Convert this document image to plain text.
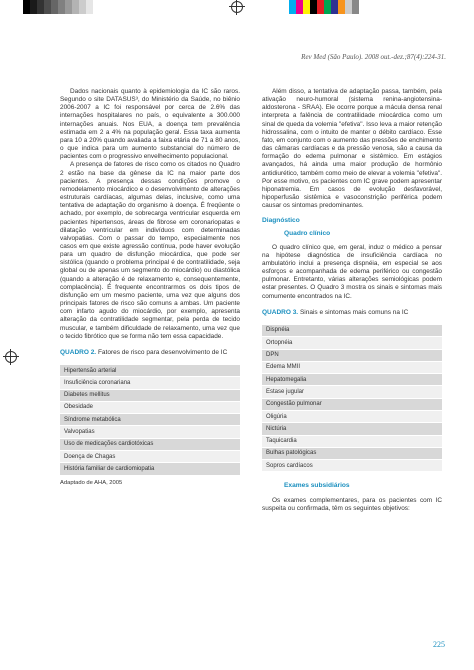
Rev Med (São Paulo). 2008 out.-dez.;87(4):224-31.

Dados nacionais quanto à epidemiologia da IC são raros. Segundo o site DATASUS³, do Ministério da Saúde, no biênio 2006-2007 a IC foi responsável por cerca de 2.6% das internações hospitalares no país, o equivalente a 300.000 internações anuais. Nos EUA, a doença tem prevalência estimada em 2 a 4% na população geral. Essa taxa aumenta para 10 a 20% quando avaliada a faixa etária de 71 a 80 anos, o que indica para um aumento substancial do número de pacientes com o progressivo envelhecimento populacional.

A presença de fatores de risco como os citados no Quadro 2 estão na base da gênese da IC na maior parte dos pacientes. A presença dessas condições promove o remodelamento miocárdico e o desenvolvimento de alterações estruturais cardíacas, algumas delas, inclusive, como uma tentativa de adaptação do organismo à doença. É freqüente o achado, por exemplo, de sobrecarga ventricular esquerda em pacientes hipertensos, áreas de fibrose em coronariopatas e dilatação ventricular em indivíduos com determinadas valvopatias. Com o passar do tempo, especialmente nos casos em que existe agressão contínua, pode haver evolução para um quadro de disfunção miocárdica, que pode ser sistólica (quando o problema principal é de contratilidade, seja global ou de apenas um segmento do miocárdio) ou diastólica (quando a alteração é de relaxamento e, consequentemente, complacência). É frequente encontrarmos os dois tipos de disfunção em um mesmo paciente, uma vez que alguns dos principais fatores de risco são comuns a ambas. Um paciente com infarto agudo do miocárdio, por exemplo, apresenta alteração da contratilidade segmentar, pela perda de tecido muscular, e também dificuldade de relaxamento, uma vez que o tecido fibrótico que se forma não tem essa capacidade.

QUADRO 2. Fatores de risco para desenvolvimento de IC
Hipertensão arterial
Insuficiência coronariana
Diabetes mellitus
Obesidade
Síndrome metabólica
Valvopatias
Uso de medicações cardiotóxicas
Doença de Chagas
História familiar de cardiomiopatia
Adaptado de AHA, 2005

Além disso, a tentativa de adaptação passa, também, pela ativação neuro-humoral (sistema renina-angiotensina-aldosterona - SRAA). Ele ocorre porque a mácula densa renal interpreta a falência de contratilidade miocárdica como um sinal de queda da volemia "efetiva". Isso leva a maior retenção hidrossalina, com o intuito de manter o débito cardíaco. Esse fato, em conjunto com o aumento das pressões de enchimento das câmaras cardíacas e da pressão venosa, são a causa da formação do edema pulmonar e sistêmico. Em estágios avançados, há ainda uma maior produção de hormônio antidiurético, também como meio de elevar a volemia "efetiva". Por esse motivo, os pacientes com IC grave podem apresentar hiponatremia. Em casos de evolução desfavorável, hipoperfusão sistêmica e vasoconstrição periférica podem causar os sintomas predominantes.

Diagnóstico
Quadro clínico

O quadro clínico que, em geral, induz o médico a pensar na hipótese diagnóstica de insuficiência cardíaca no ambulatório inclui a presença dispnéia, em especial se aos esforços e acompanhada de edema periférico ou congestão pulmonar. Entretanto, várias alterações semiológicas podem estar presentes. O Quadro 3 mostra os sinais e sintomas mais comumente encontrados na IC.

QUADRO 3. Sinais e sintomas mais comuns na IC
Dispnéia
Ortopnéia
DPN
Edema MMII
Hepatomegalia
Estase jugular
Congestão pulmonar
Oligúria
Nictúria
Taquicardia
Bulhas patológicas
Sopros cardíacos
Exames subsidiários

Os exames complementares, para os pacientes com IC suspeita ou confirmada, têm os seguintes objetivos:

225
